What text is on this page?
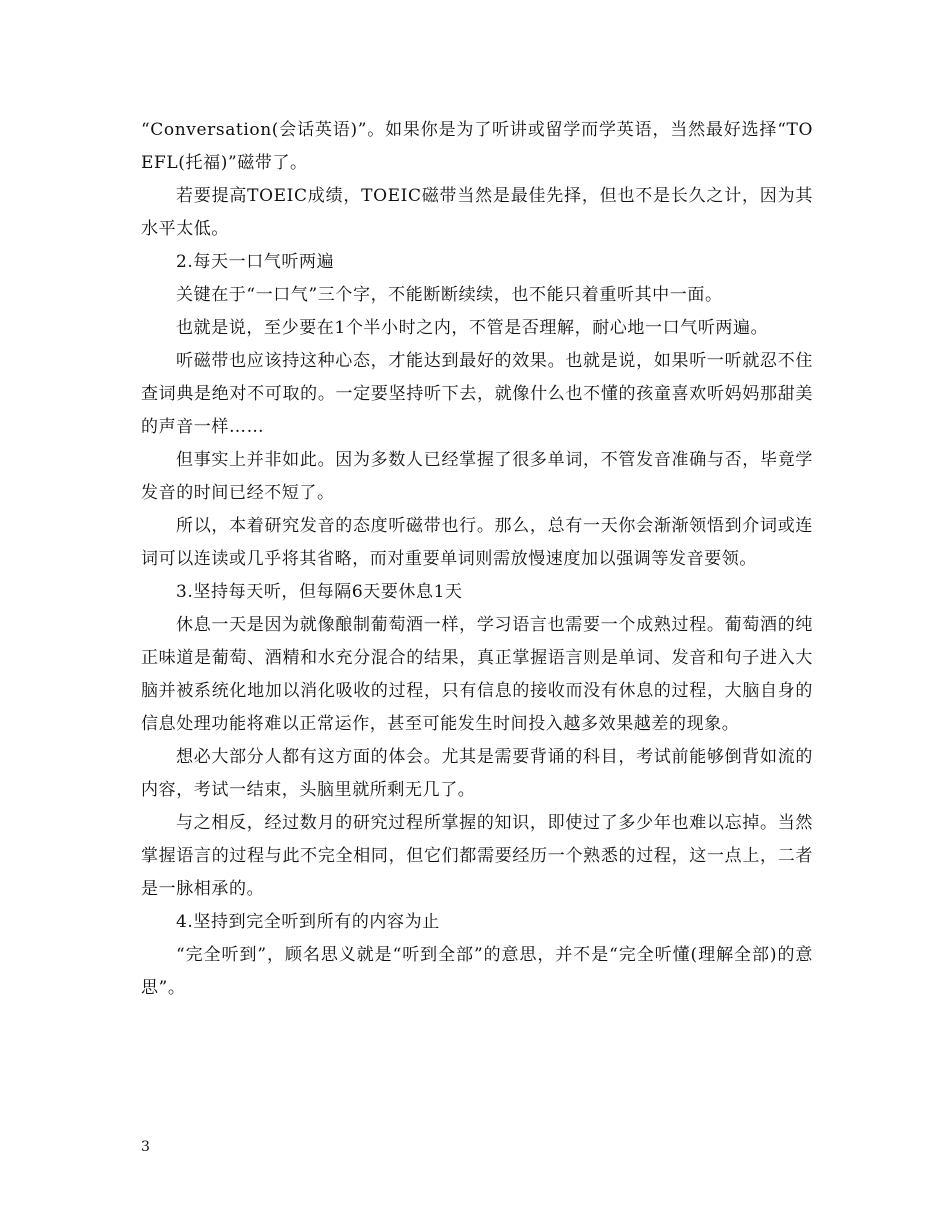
“Conversation(会话英语)”。如果你是为了听讲或留学而学英语，当然最好选择“TOEFL(托福)”磁带了。

若要提高TOEIC成绩，TOEIC磁带当然是最佳先择，但也不是长久之计，因为其水平太低。

2.每天一口气听两遍

关键在于“一口气”三个字，不能断断续续，也不能只着重听其中一面。

也就是说，至少要在1个半小时之内，不管是否理解，耐心地一口气听两遍。

听磁带也应该持这种心态，才能达到最好的效果。也就是说，如果听一听就忍不住查词典是绝对不可取的。一定要坚持听下去，就像什么也不懂的孩童喜欢听妈妈那甜美的声音一样……

但事实上并非如此。因为多数人已经掌握了很多单词，不管发音准确与否，毕竟学发音的时间已经不短了。

所以，本着研究发音的态度听磁带也行。那么，总有一天你会渐渐领悟到介词或连词可以连读或几乎将其省略，而对重要单词则需放慢速度加以强调等发音要领。

3.坚持每天听，但每隔6天要休息1天

休息一天是因为就像酿制葡萄酒一样，学习语言也需要一个成熟过程。葡萄酒的纯正味道是葡萄、酒精和水充分混合的结果，真正掌握语言则是单词、发音和句子进入大脑并被系统化地加以消化吸收的过程，只有信息的接收而没有休息的过程，大脑自身的信息处理功能将难以正常运作，甚至可能发生时间投入越多效果越差的现象。

想必大部分人都有这方面的体会。尤其是需要背诵的科目，考试前能够倒背如流的内容，考试一结束，头脑里就所剩无几了。

与之相反，经过数月的研究过程所掌握的知识，即使过了多少年也难以忘掉。当然掌握语言的过程与此不完全相同，但它们都需要经历一个熟悉的过程，这一点上，二者是一脉相承的。

4.坚持到完全听到所有的内容为止

“完全听到”，顾名思义就是“听到全部”的意思，并不是“完全听懂(理解全部)的意思”。

3
